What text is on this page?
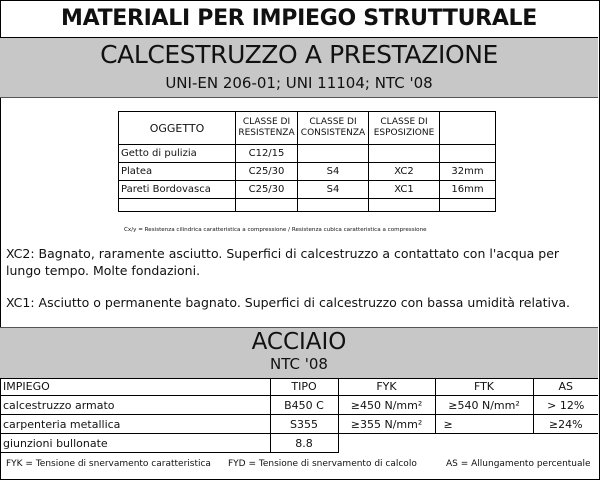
MATERIALI PER IMPIEGO STRUTTURALE
CALCESTRUZZO A PRESTAZIONE
UNI-EN 206-01; UNI 11104; NTC '08
OGGETTO	CLASSE DI RESISTENZA	CLASSE DI CONSISTENZA	CLASSE DI ESPOSIZIONE	
Getto di pulizia	C12/15			
Platea	C25/30	S4	XC2	32mm
Pareti Bordovasca	C25/30	S4	XC1	16mm

Cx/y = Resistenza cilindrica caratteristica a compressione / Resistenza cubica caratteristica a compressione
XC2: Bagnato, raramente asciutto. Superfici di calcestruzzo a contattato con l'acqua per lungo tempo. Molte fondazioni.
XC1: Asciutto o permanente bagnato. Superfici di calcestruzzo con bassa umidità relativa.
ACCIAIO
NTC '08
IMPIEGO	TIPO	FYK	FTK	AS
calcestruzzo armato	B450 C	≥450 N/mm²	≥540 N/mm²	> 12%
carpenteria metallica	S355	≥355 N/mm²	≥	≥24%
giunzioni bullonate	8.8			
FYK = Tensione di snervamento caratteristica FYD = Tensione di snervamento di calcolo	AS = Allungamento percentuale
